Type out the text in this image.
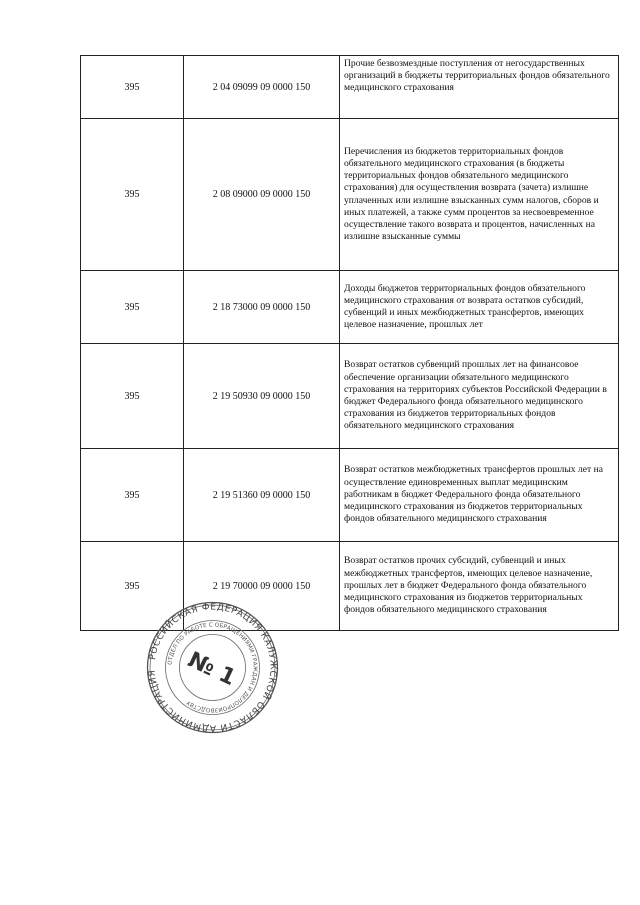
395	2 04 09099 09 0000 150	Прочие безвозмездные поступления от негосударственных организаций в бюджеты территориальных фондов обязательного медицинского страхования
395	2 08 09000 09 0000 150	Перечисления из бюджетов территориальных фондов обязательного медицинского страхования (в бюджеты территориальных фондов обязательного медицинского страхования) для осуществления возврата (зачета) излишне уплаченных или излишне взысканных сумм налогов, сборов и иных платежей, а также сумм процентов за несвоевременное осуществление такого возврата и процентов, начисленных на излишне взысканные суммы
395	2 18 73000 09 0000 150	Доходы бюджетов территориальных фондов обязательного медицинского страхования от возврата остатков субсидий, субвенций и иных межбюджетных трансфертов, имеющих целевое назначение, прошлых лет
395	2 19 50930 09 0000 150	Возврат остатков субвенций прошлых лет на финансовое обеспечение организации обязательного медицинского страхования на территориях субъектов Российской Федерации в бюджет Федерального фонда обязательного медицинского страхования из бюджетов территориальных фондов обязательного медицинского страхования
395	2 19 51360 09 0000 150	Возврат остатков межбюджетных трансфертов прошлых лет на осуществление единовременных выплат медицинским работникам в бюджет Федерального фонда обязательного медицинского страхования из бюджетов территориальных фондов обязательного медицинского страхования
395	2 19 70000 09 0000 150	Возврат остатков прочих субсидий, субвенций и иных межбюджетных трансфертов, имеющих целевое назначение, прошлых лет в бюджет Федерального фонда обязательного медицинского страхования из бюджетов территориальных фондов обязательного медицинского страхования
РОССИЙСКАЯ ФЕДЕРАЦИЯ КАЛУЖСКОЙ ОБЛАСТИ АДМИНИСТРАЦИЯ
ОТДЕЛ ПО РАБОТЕ С ОБРАЩЕНИЯМИ ГРАЖДАН И ДЕЛОПРОИЗВОДСТВУ
№ 1
